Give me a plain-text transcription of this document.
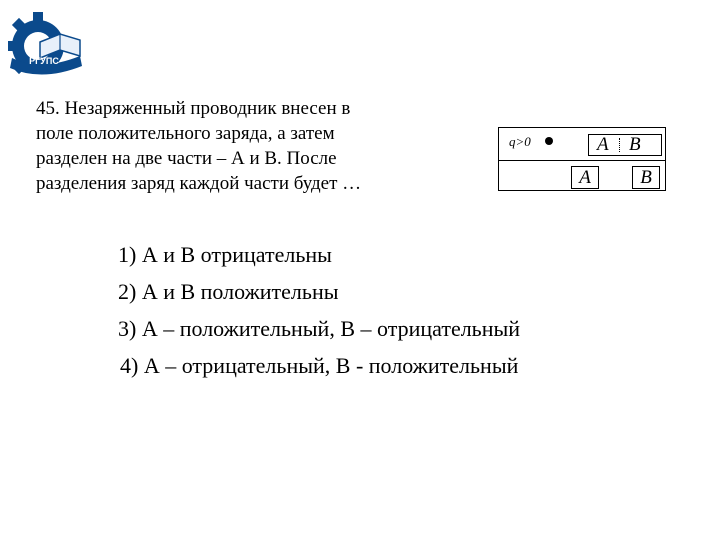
РГУПС
45. Незаряженный проводник внесен в
поле положительного заряда, а затем
разделен на две части – А и В. После
разделения заряд каждой части будет …
q>0	A B
A	B
1) А и В отрицательны
2) А и В положительны
3) А – положительный, В – отрицательный
4) А – отрицательный, В - положительный
